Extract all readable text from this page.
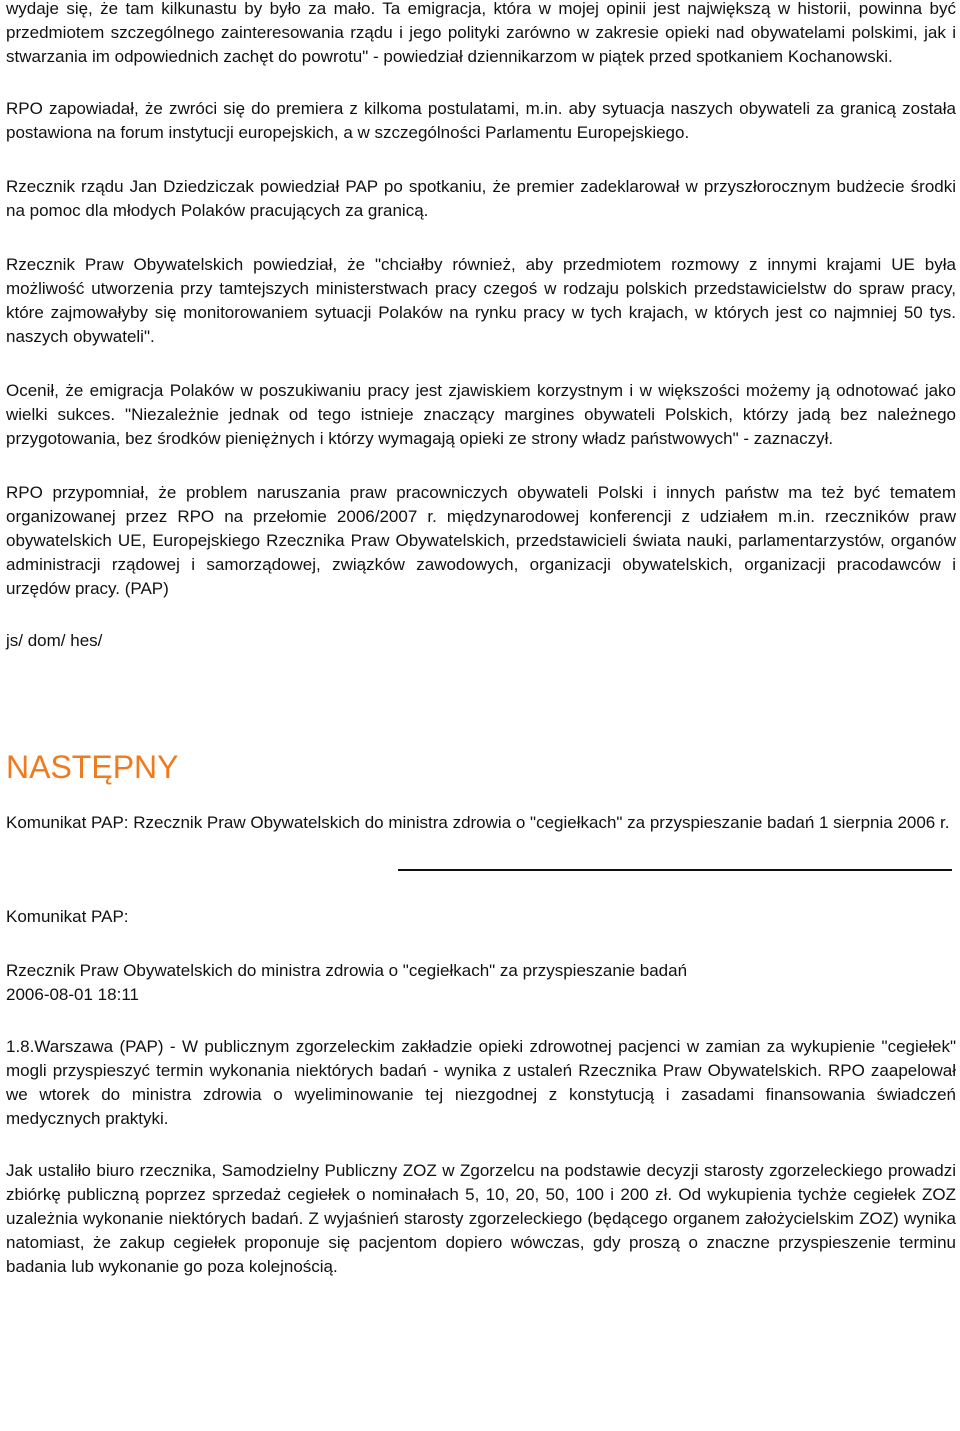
wydaje się, że tam kilkunastu by było za mało. Ta emigracja, która w mojej opinii jest największą w historii, powinna być przedmiotem szczególnego zainteresowania rządu i jego polityki zarówno w zakresie opieki nad obywatelami polskimi, jak i stwarzania im odpowiednich zachęt do powrotu" - powiedział dziennikarzom w piątek przed spotkaniem Kochanowski.

RPO zapowiadał, że zwróci się do premiera z kilkoma postulatami, m.in. aby sytuacja naszych obywateli za granicą została postawiona na forum instytucji europejskich, a w szczególności Parlamentu Europejskiego.

Rzecznik rządu Jan Dziedziczak powiedział PAP po spotkaniu, że premier zadeklarował w przyszłorocznym budżecie środki na pomoc dla młodych Polaków pracujących za granicą.

Rzecznik Praw Obywatelskich powiedział, że "chciałby również, aby przedmiotem rozmowy z innymi krajami UE była możliwość utworzenia przy tamtejszych ministerstwach pracy czegoś w rodzaju polskich przedstawicielstw do spraw pracy, które zajmowałyby się monitorowaniem sytuacji Polaków na rynku pracy w tych krajach, w których jest co najmniej 50 tys. naszych obywateli".

Ocenił, że emigracja Polaków w poszukiwaniu pracy jest zjawiskiem korzystnym i w większości możemy ją odnotować jako wielki sukces. "Niezależnie jednak od tego istnieje znaczący margines obywateli Polskich, którzy jadą bez należnego przygotowania, bez środków pieniężnych i którzy wymagają opieki ze strony władz państwowych" - zaznaczył.

RPO przypomniał, że problem naruszania praw pracowniczych obywateli Polski i innych państw ma też być tematem organizowanej przez RPO na przełomie 2006/2007 r. międzynarodowej konferencji z udziałem m.in. rzeczników praw obywatelskich UE, Europejskiego Rzecznika Praw Obywatelskich, przedstawicieli świata nauki, parlamentarzystów, organów administracji rządowej i samorządowej, związków zawodowych, organizacji obywatelskich, organizacji pracodawców i urzędów pracy. (PAP)

js/ dom/ hes/
NASTĘPNY

Komunikat PAP: Rzecznik Praw Obywatelskich do ministra zdrowia o "cegiełkach" za przyspieszanie badań 1 sierpnia 2006 r.

Komunikat PAP:
Rzecznik Praw Obywatelskich do ministra zdrowia o "cegiełkach" za przyspieszanie badań
2006-08-01 18:11

1.8.Warszawa (PAP) - W publicznym zgorzeleckim zakładzie opieki zdrowotnej pacjenci w zamian za wykupienie "cegiełek" mogli przyspieszyć termin wykonania niektórych badań - wynika z ustaleń Rzecznika Praw Obywatelskich. RPO zaapelował we wtorek do ministra zdrowia o wyeliminowanie tej niezgodnej z konstytucją i zasadami finansowania świadczeń medycznych praktyki.

Jak ustaliło biuro rzecznika, Samodzielny Publiczny ZOZ w Zgorzelcu na podstawie decyzji starosty zgorzeleckiego prowadzi zbiórkę publiczną poprzez sprzedaż cegiełek o nominałach 5, 10, 20, 50, 100 i 200 zł. Od wykupienia tychże cegiełek ZOZ uzależnia wykonanie niektórych badań. Z wyjaśnień starosty zgorzeleckiego (będącego organem założycielskim ZOZ) wynika natomiast, że zakup cegiełek proponuje się pacjentom dopiero wówczas, gdy proszą o znaczne przyspieszenie terminu badania lub wykonanie go poza kolejnością.
